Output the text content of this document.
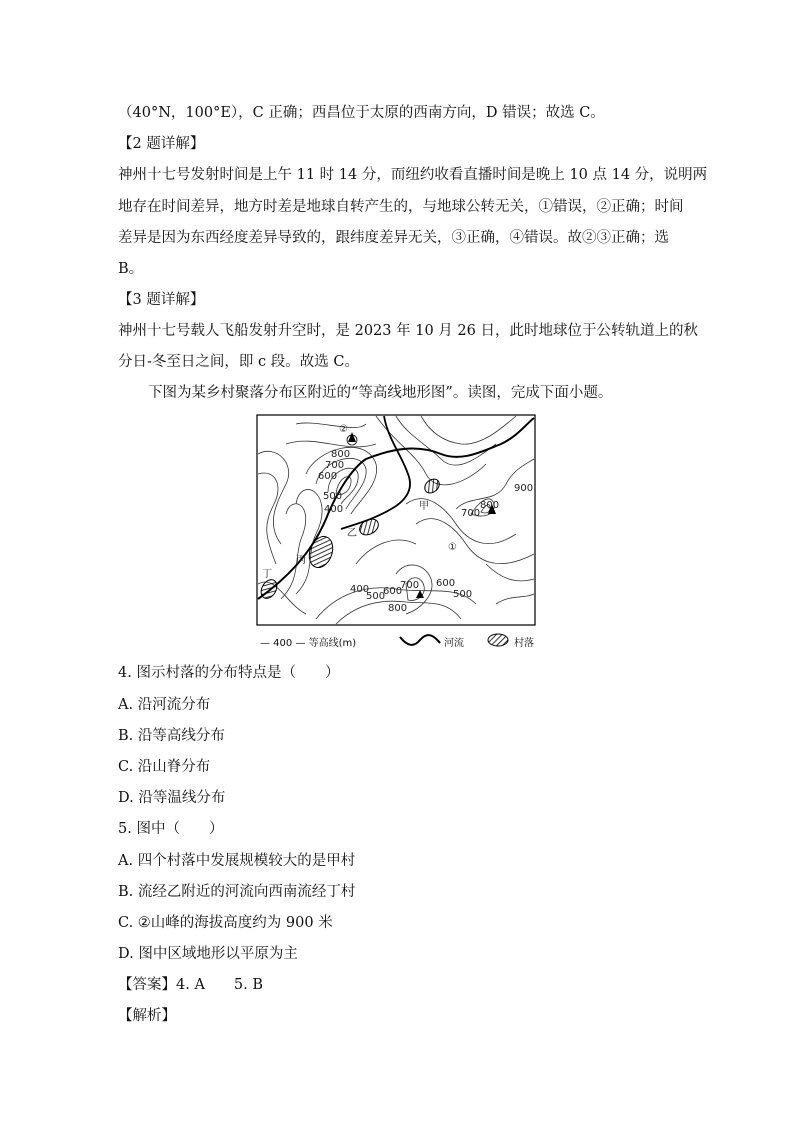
（40°N，100°E），C 正确；西昌位于太原的西南方向，D 错误；故选 C。
【2 题详解】
神州十七号发射时间是上午 11 时 14 分，而纽约收看直播时间是晚上 10 点 14 分，说明两
地存在时间差异，地方时差是地球自转产生的，与地球公转无关，①错误，②正确；时间
差异是因为东西经度差异导致的，跟纬度差异无关，③正确，④错误。故②③正确；选
B。
【3 题详解】
神州十七号载人飞船发射升空时，是 2023 年 10 月 26 日，此时地球位于公转轨道上的秋
分日-冬至日之间，即 c 段。故选 C。
下图为某乡村聚落分布区附近的“等高线地形图”。读图，完成下面小题。
②
800
700
600
500
400
乙
甲
丙
丁
①
700
800
900
400
500
600
700
800
600
500
— 400 — 等高线(m)	河流	村落
4. 图示村落的分布特点是（　　）
A. 沿河流分布
B. 沿等高线分布
C. 沿山脊分布
D. 沿等温线分布
5. 图中（　　）
A. 四个村落中发展规模较大的是甲村
B. 流经乙附近的河流向西南流经丁村
C. ②山峰的海拔高度约为 900 米
D. 图中区域地形以平原为主
【答案】4. A　　5. B
【解析】
